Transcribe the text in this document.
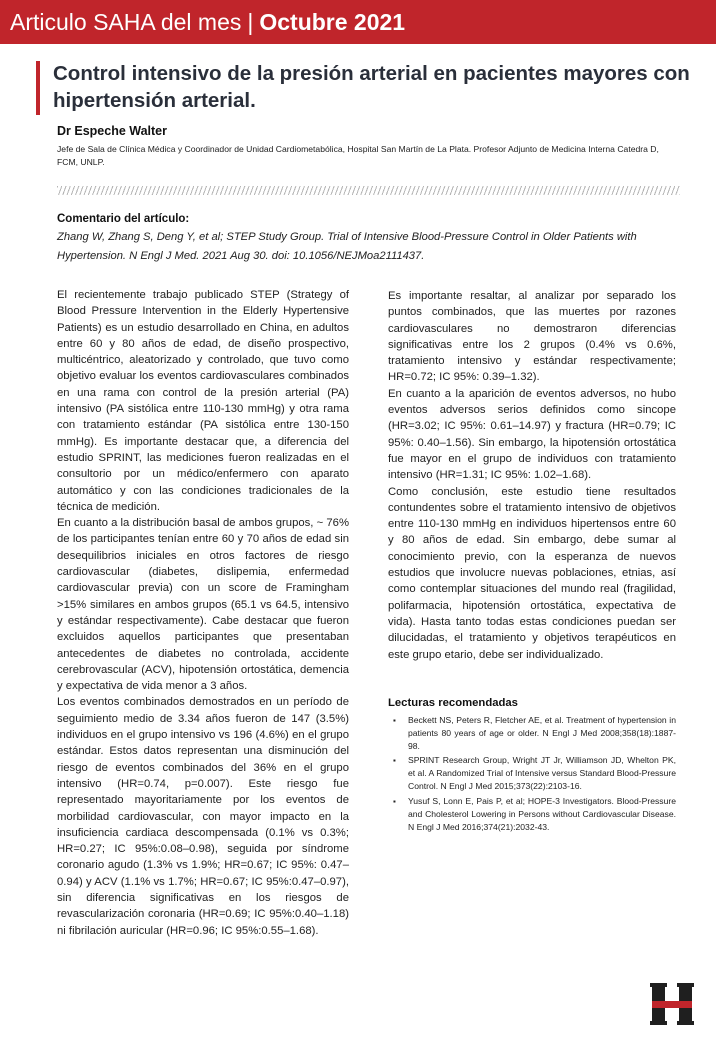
Articulo SAHA del mes | Octubre 2021
Control intensivo de la presión arterial en pacientes mayores con hipertensión arterial.

Dr Espeche Walter

Jefe de Sala de Clínica Médica y Coordinador de Unidad Cardiometabólica, Hospital San Martín de La Plata. Profesor Adjunto de Medicina Interna Catedra D, FCM, UNLP.

Comentario del artículo:

Zhang W, Zhang S, Deng Y, et al; STEP Study Group. Trial of Intensive Blood-Pressure Control in Older Patients with Hypertension. N Engl J Med. 2021 Aug 30. doi: 10.1056/NEJMoa2111437.

El recientemente trabajo publicado STEP (Strategy of Blood Pressure Intervention in the Elderly Hypertensive Patients) es un estudio desarrollado en China, en adultos entre 60 y 80 años de edad, de diseño prospectivo, multicéntrico, aleatorizado y controlado, que tuvo como objetivo evaluar los eventos cardiovasculares combinados en una rama con control de la presión arterial (PA) intensivo (PA sistólica entre 110-130 mmHg) y otra rama con tratamiento estándar (PA sistólica entre 130-150 mmHg). Es importante destacar que, a diferencia del estudio SPRINT, las mediciones fueron realizadas en el consultorio por un médico/enfermero con aparato automático y con las condiciones tradicionales de la técnica de medición.

En cuanto a la distribución basal de ambos grupos, ~ 76% de los participantes tenían entre 60 y 70 años de edad sin desequilibrios iniciales en otros factores de riesgo cardiovascular (diabetes, dislipemia, enfermedad cardiovascular previa) con un score de Framingham >15% similares en ambos grupos (65.1 vs 64.5, intensivo y estándar respectivamente). Cabe destacar que fueron excluidos aquellos participantes que presentaban antecedentes de diabetes no controlada, accidente cerebrovascular (ACV), hipotensión ortostática, demencia y expectativa de vida menor a 3 años.

Los eventos combinados demostrados en un período de seguimiento medio de 3.34 años fueron de 147 (3.5%) individuos en el grupo intensivo vs 196 (4.6%) en el grupo estándar. Estos datos representan una disminución del riesgo de eventos combinados del 36% en el grupo intensivo (HR=0.74, p=0.007). Este riesgo fue representado mayoritariamente por los eventos de morbilidad cardiovascular, con mayor impacto en la insuficiencia cardiaca descompensada (0.1% vs 0.3%; HR=0.27; IC 95%:0.08–0.98), seguida por síndrome coronario agudo (1.3% vs 1.9%; HR=0.67; IC 95%: 0.47–0.94) y ACV (1.1% vs 1.7%; HR=0.67; IC 95%:0.47–0.97), sin diferencia significativas en los riesgos de revascularización coronaria (HR=0.69; IC 95%:0.40–1.18) ni fibrilación auricular (HR=0.96; IC 95%:0.55–1.68).

Es importante resaltar, al analizar por separado los puntos combinados, que las muertes por razones cardiovasculares no demostraron diferencias significativas entre los 2 grupos (0.4% vs 0.6%, tratamiento intensivo y estándar respectivamente; HR=0.72; IC 95%: 0.39–1.32).

En cuanto a la aparición de eventos adversos, no hubo eventos adversos serios definidos como sincope (HR=3.02; IC 95%: 0.61–14.97) y fractura (HR=0.79; IC 95%: 0.40–1.56). Sin embargo, la hipotensión ortostática fue mayor en el grupo de individuos con tratamiento intensivo (HR=1.31; IC 95%: 1.02–1.68).

Como conclusión, este estudio tiene resultados contundentes sobre el tratamiento intensivo de objetivos entre 110-130 mmHg en individuos hipertensos entre 60 y 80 años de edad. Sin embargo, debe sumar al conocimiento previo, con la esperanza de nuevos estudios que involucre nuevas poblaciones, etnias, así como contemplar situaciones del mundo real (fragilidad, polifarmacia, hipotensión ortostática, expectativa de vida). Hasta tanto todas estas condiciones puedan ser dilucidadas, el tratamiento y objetivos terapéuticos en este grupo etario, debe ser individualizado.

Lecturas recomendadas

▪ Beckett NS, Peters R, Fletcher AE, et al. Treatment of hypertension in patients 80 years of age or older. N Engl J Med 2008;358(18):1887-98.
▪ SPRINT Research Group, Wright JT Jr, Williamson JD, Whelton PK, et al. A Randomized Trial of Intensive versus Standard Blood-Pressure Control. N Engl J Med 2015;373(22):2103-16.
▪ Yusuf S, Lonn E, Pais P, et al; HOPE-3 Investigators. Blood-Pressure and Cholesterol Lowering in Persons without Cardiovascular Disease. N Engl J Med 2016;374(21):2032-43.
